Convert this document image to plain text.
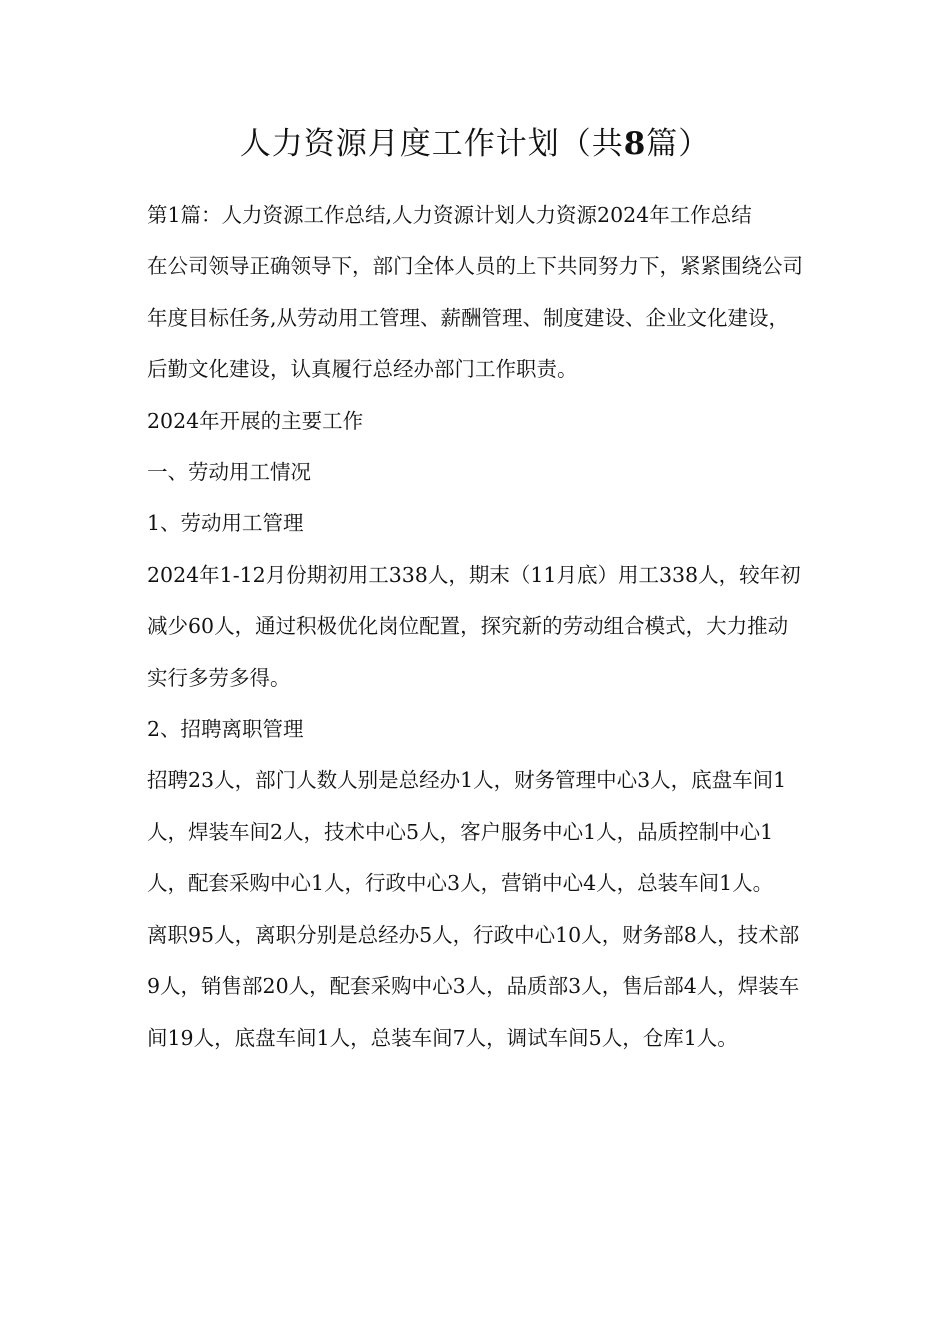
人力资源月度工作计划（共8篇）

第1篇：人力资源工作总结,人力资源计划人力资源2024年工作总结

在公司领导正确领导下，部门全体人员的上下共同努力下，紧紧围绕公司年度目标任务,从劳动用工管理、薪酬管理、制度建设、企业文化建设，后勤文化建设，认真履行总经办部门工作职责。

2024年开展的主要工作

一、劳动用工情况

1、劳动用工管理

2024年1-12月份期初用工338人，期末（11月底）用工338人，较年初减少60人，通过积极优化岗位配置，探究新的劳动组合模式，大力推动实行多劳多得。

2、招聘离职管理

招聘23人，部门人数人别是总经办1人，财务管理中心3人，底盘车间1人，焊装车间2人，技术中心5人，客户服务中心1人，品质控制中心1人，配套采购中心1人，行政中心3人，营销中心4人，总装车间1人。

离职95人，离职分别是总经办5人，行政中心10人，财务部8人，技术部9人，销售部20人，配套采购中心3人，品质部3人，售后部4人，焊装车间19人，底盘车间1人，总装车间7人，调试车间5人，仓库1人。
